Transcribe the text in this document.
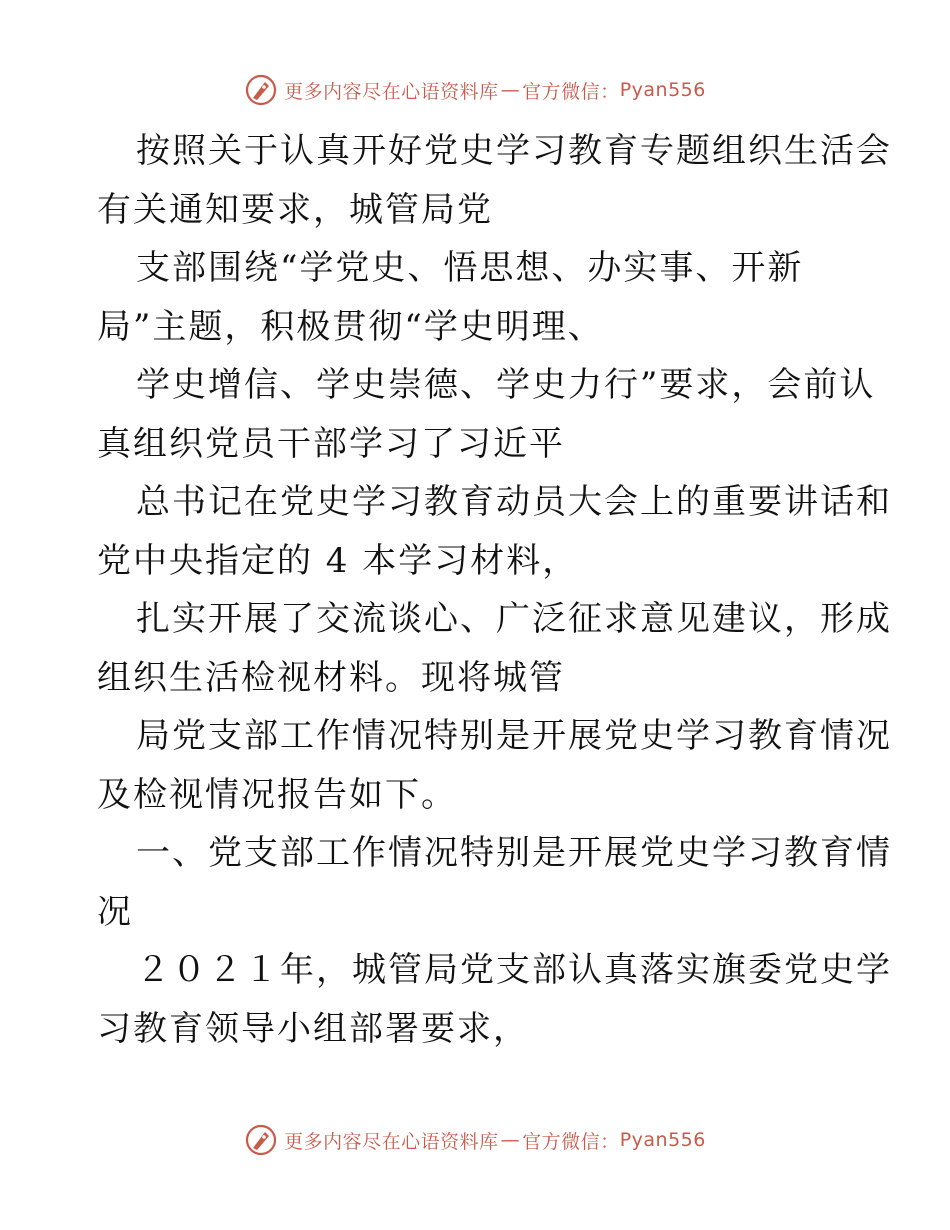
更多内容尽在心语资料库 — 官方微信： Pyan556
按照关于认真开好党史学习教育专题组织生活会
有关通知要求，城管局党
支部围绕“学党史、悟思想、办实事、开新
局”主题，积极贯彻“学史明理、
学史增信、学史崇德、学史力行”要求，会前认
真组织党员干部学习了习近平
总书记在党史学习教育动员大会上的重要讲话和
党中央指定的 4 本学习材料，
扎实开展了交流谈心、广泛征求意见建议，形成
组织生活检视材料。现将城管
局党支部工作情况特别是开展党史学习教育情况
及检视情况报告如下。
一、党支部工作情况特别是开展党史学习教育情
况
２０２１年，城管局党支部认真落实旗委党史学
习教育领导小组部署要求，
更多内容尽在心语资料库 — 官方微信： Pyan556
